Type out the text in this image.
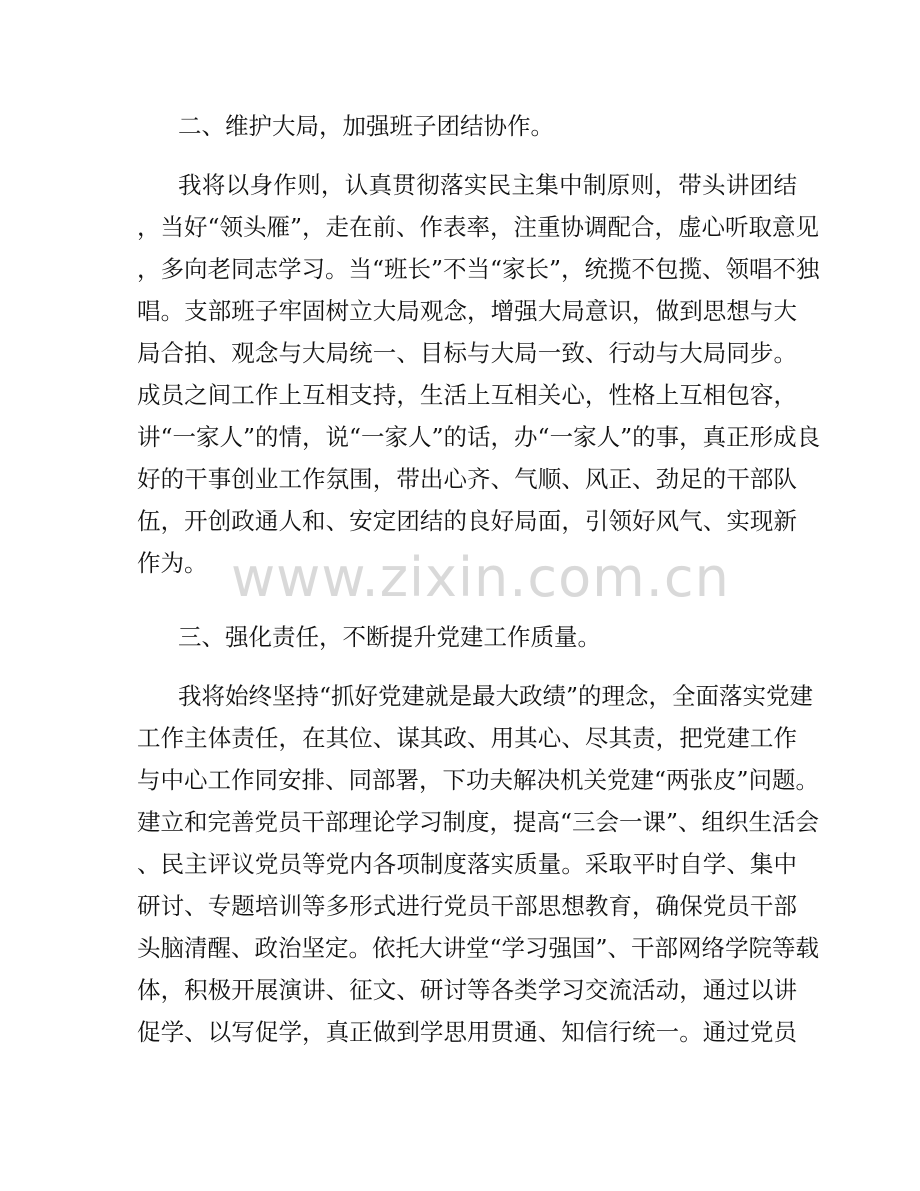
二、维护大局，加强班子团结协作。
我将以身作则，认真贯彻落实民主集中制原则，带头讲团结
，当好“领头雁”，走在前、作表率，注重协调配合，虚心听取意见
，多向老同志学习。当“班长”不当“家长”，统揽不包揽、领唱不独
唱。支部班子牢固树立大局观念，增强大局意识，做到思想与大
局合拍、观念与大局统一、目标与大局一致、行动与大局同步。
成员之间工作上互相支持，生活上互相关心，性格上互相包容，
讲“一家人”的情，说“一家人”的话，办“一家人”的事，真正形成良
好的干事创业工作氛围，带出心齐、气顺、风正、劲足的干部队
伍，开创政通人和、安定团结的良好局面，引领好风气、实现新
作为。 www.zixin.com.cn
三、强化责任，不断提升党建工作质量。
我将始终坚持“抓好党建就是最大政绩”的理念，全面落实党建
工作主体责任，在其位、谋其政、用其心、尽其责，把党建工作
与中心工作同安排、同部署，下功夫解决机关党建“两张皮”问题。
建立和完善党员干部理论学习制度，提高“三会一课”、组织生活会
、民主评议党员等党内各项制度落实质量。采取平时自学、集中
研讨、专题培训等多形式进行党员干部思想教育，确保党员干部
头脑清醒、政治坚定。依托大讲堂“学习强国”、干部网络学院等载
体，积极开展演讲、征文、研讨等各类学习交流活动，通过以讲
促学、以写促学，真正做到学思用贯通、知信行统一。通过党员
